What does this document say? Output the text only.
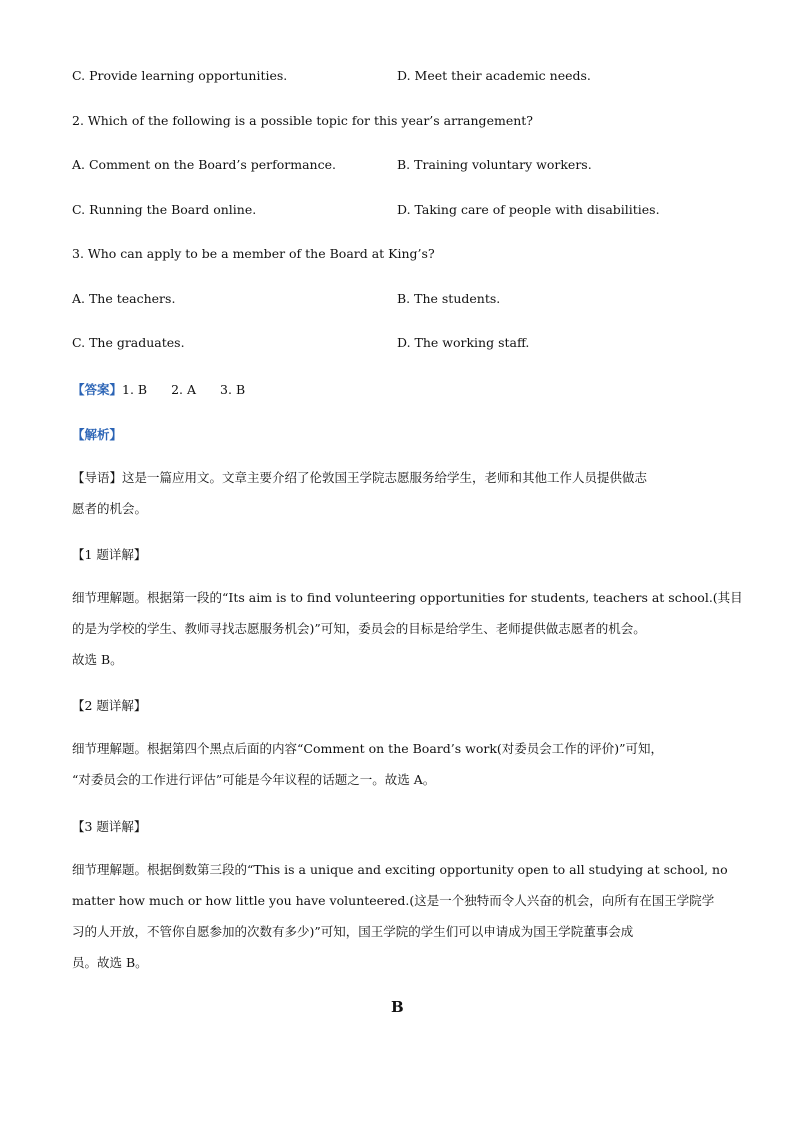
C. Provide learning opportunities.	D. Meet their academic needs.
2. Which of the following is a possible topic for this year’s arrangement?
A. Comment on the Board’s performance.	B. Training voluntary workers.
C. Running the Board online.	D. Taking care of people with disabilities.
3. Who can apply to be a member of the Board at King’s?
A. The teachers.	B. The students.
C. The graduates.	D. The working staff.
【答案】1. B 2. A 3. B
【解析】
【导语】这是一篇应用文。文章主要介绍了伦敦国王学院志愿服务给学生，老师和其他工作人员提供做志
愿者的机会。
【1 题详解】
细节理解题。根据第一段的“Its aim is to find volunteering opportunities for students, teachers at school.(其目
的是为学校的学生、教师寻找志愿服务机会)”可知，委员会的目标是给学生、老师提供做志愿者的机会。
故选 B。
【2 题详解】
细节理解题。根据第四个黑点后面的内容“Comment on the Board’s work(对委员会工作的评价)”可知，
“对委员会的工作进行评估”可能是今年议程的话题之一。故选 A。
【3 题详解】
细节理解题。根据倒数第三段的“This is a unique and exciting opportunity open to all studying at school, no
matter how much or how little you have volunteered.(这是一个独特而令人兴奋的机会，向所有在国王学院学
习的人开放，不管你自愿参加的次数有多少)”可知，国王学院的学生们可以申请成为国王学院董事会成
员。故选 B。
B
